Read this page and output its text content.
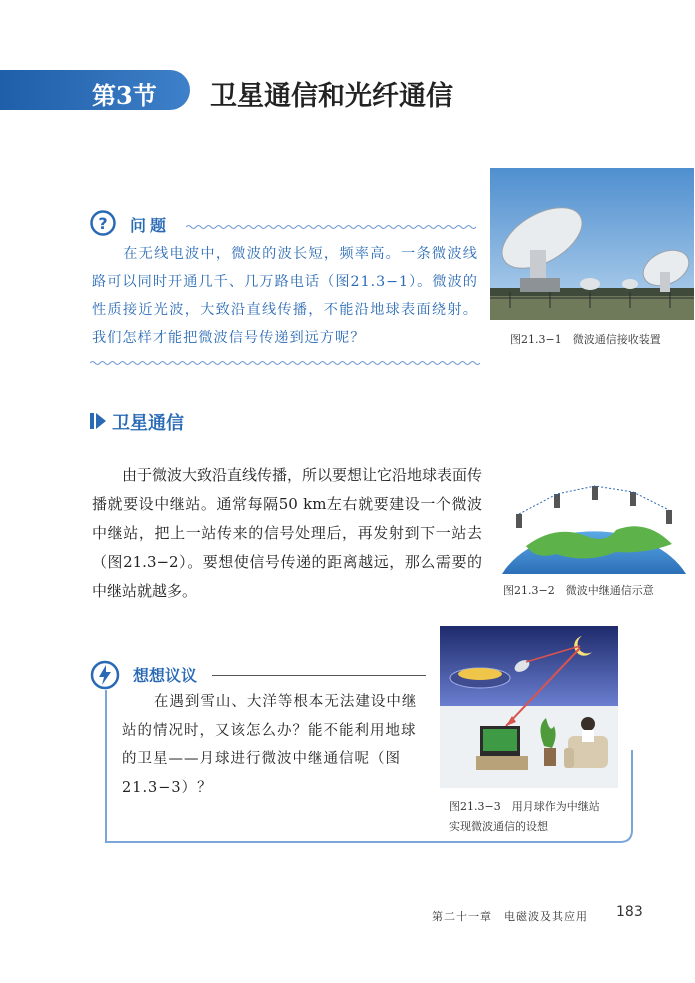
第3节 卫星通信和光纤通信
? 问题
在无线电波中，微波的波长短，频率高。一条微波线路可以同时开通几千、几万路电话（图21.3−1）。微波的性质接近光波，大致沿直线传播，不能沿地球表面绕射。我们怎样才能把微波信号传递到远方呢？	图21.3−1　微波通信接收装置
卫星通信
由于微波大致沿直线传播，所以要想让它沿地球表面传播就要设中继站。通常每隔50 km左右就要建设一个微波中继站，把上一站传来的信号处理后，再发射到下一站去（图21.3−2）。要想使信号传递的距离越远，那么需要的中继站就越多。	图21.3−2　微波中继通信示意
想想议议
在遇到雪山、大洋等根本无法建设中继站的情况时，又该怎么办？能不能利用地球的卫星——月球进行微波中继通信呢（图21.3−3）？
图21.3−3　用月球作为中继站
实现微波通信的设想
第二十一章　电磁波及其应用 183
